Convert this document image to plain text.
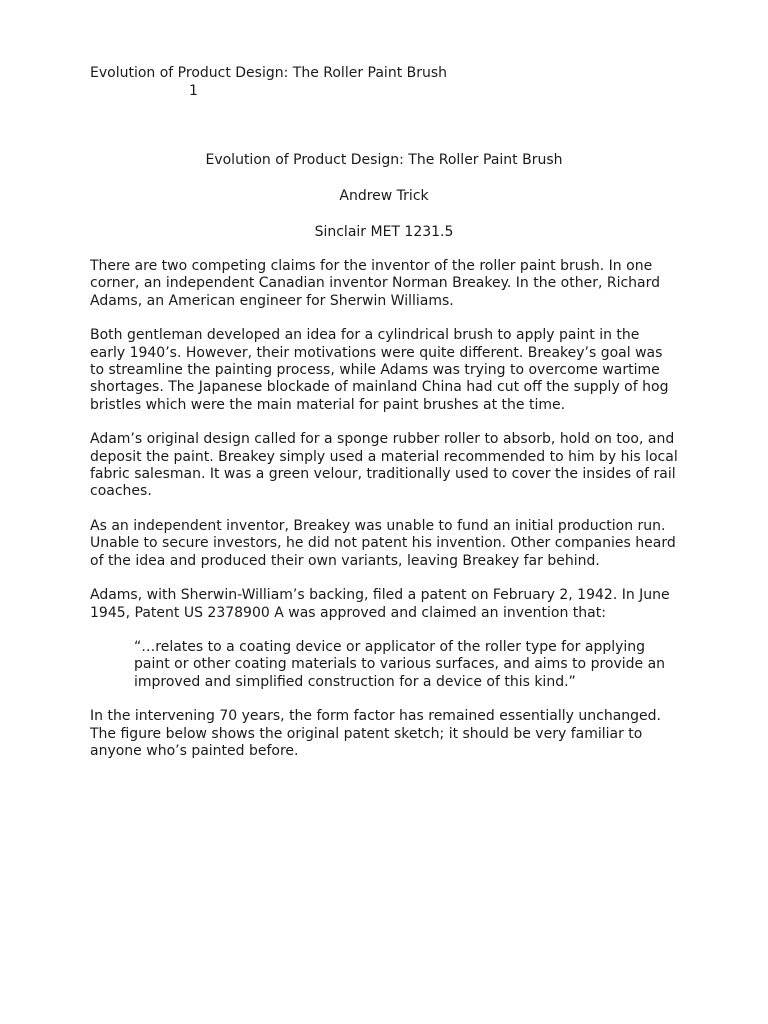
Evolution of Product Design: The Roller Paint Brush
1
Evolution of Product Design: The Roller Paint Brush
Andrew Trick
Sinclair MET 1231.5

There are two competing claims for the inventor of the roller paint brush. In one corner, an independent Canadian inventor Norman Breakey. In the other, Richard Adams, an American engineer for Sherwin Williams.

Both gentleman developed an idea for a cylindrical brush to apply paint in the early 1940’s. However, their motivations were quite different. Breakey’s goal was to streamline the painting process, while Adams was trying to overcome wartime shortages. The Japanese blockade of mainland China had cut off the supply of hog bristles which were the main material for paint brushes at the time.

Adam’s original design called for a sponge rubber roller to absorb, hold on too, and deposit the paint. Breakey simply used a material recommended to him by his local fabric salesman. It was a green velour, traditionally used to cover the insides of rail coaches.

As an independent inventor, Breakey was unable to fund an initial production run. Unable to secure investors, he did not patent his invention. Other companies heard of the idea and produced their own variants, leaving Breakey far behind.

Adams, with Sherwin-William’s backing, filed a patent on February 2, 1942. In June 1945, Patent US 2378900 A was approved and claimed an invention that:

“…relates to a coating device or applicator of the roller type for applying paint or other coating materials to various surfaces, and aims to provide an improved and simplified construction for a device of this kind.”

In the intervening 70 years, the form factor has remained essentially unchanged. The figure below shows the original patent sketch; it should be very familiar to anyone who’s painted before.
